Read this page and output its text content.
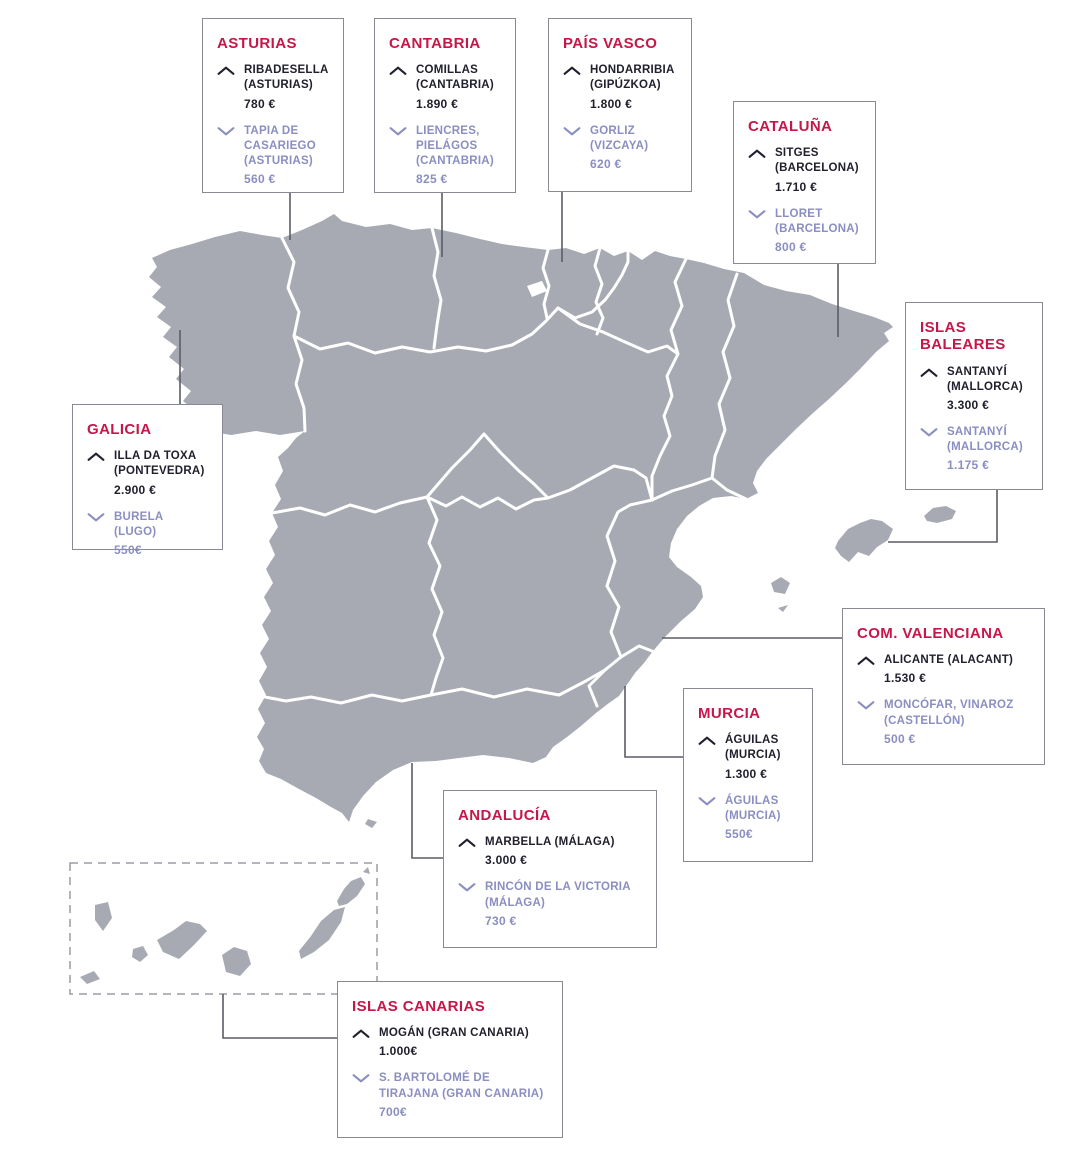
ASTURIAS
RIBADESELLA (ASTURIAS)
780 €
TAPIA DE CASARIEGO (ASTURIAS)
560 €
CANTABRIA
COMILLAS (CANTABRIA)
1.890 €
LIENCRES, PIELÁGOS (CANTABRIA)
825 €
PAÍS VASCO
HONDARRIBIA (GIPÚZKOA)
1.800 €
GORLIZ (VIZCAYA)
620 €
CATALUÑA
SITGES (BARCELONA)
1.710 €
LLORET (BARCELONA)
800 €
ISLAS BALEARES
SANTANYÍ (MALLORCA)
3.300 €
SANTANYÍ (MALLORCA)
1.175 €
GALICIA
ILLA DA TOXA (PONTEVEDRA)
2.900 €
BURELA (LUGO)
550€
COM. VALENCIANA
ALICANTE (ALACANT)
1.530 €
MONCÓFAR, VINAROZ (CASTELLÓN)
500 €
MURCIA
ÁGUILAS (MURCIA)
1.300 €
ÁGUILAS (MURCIA)
550€
ANDALUCÍA
MARBELLA (MÁLAGA)
3.000 €
RINCÓN DE LA VICTORIA (MÁLAGA)
730 €
ISLAS CANARIAS
MOGÁN (GRAN CANARIA)
1.000€
S. BARTOLOMÉ DE TIRAJANA (GRAN CANARIA)
700€
